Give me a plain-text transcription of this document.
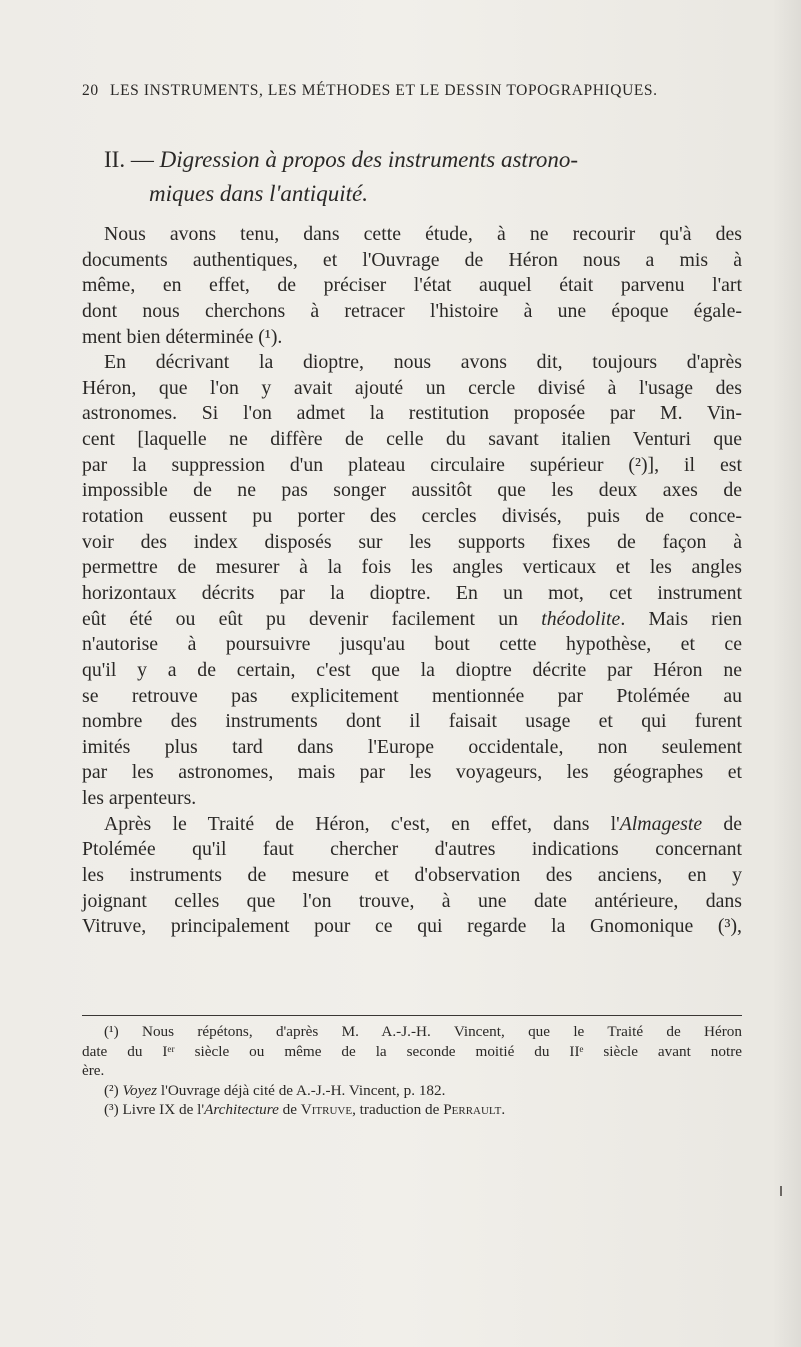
20 LES INSTRUMENTS, LES MÉTHODES ET LE DESSIN TOPOGRAPHIQUES.
II. — Digression à propos des instruments astrono-
miques dans l'antiquité.
Nous avons tenu, dans cette étude, à ne recourir qu'à des
documents authentiques, et l'Ouvrage de Héron nous a mis à
même, en effet, de préciser l'état auquel était parvenu l'art
dont nous cherchons à retracer l'histoire à une époque égale-
ment bien déterminée (¹).
En décrivant la dioptre, nous avons dit, toujours d'après
Héron, que l'on y avait ajouté un cercle divisé à l'usage des
astronomes. Si l'on admet la restitution proposée par M. Vin-
cent [laquelle ne diffère de celle du savant italien Venturi que
par la suppression d'un plateau circulaire supérieur (²)], il est
impossible de ne pas songer aussitôt que les deux axes de
rotation eussent pu porter des cercles divisés, puis de conce-
voir des index disposés sur les supports fixes de façon à
permettre de mesurer à la fois les angles verticaux et les angles
horizontaux décrits par la dioptre. En un mot, cet instrument
eût été ou eût pu devenir facilement un théodolite. Mais rien
n'autorise à poursuivre jusqu'au bout cette hypothèse, et ce
qu'il y a de certain, c'est que la dioptre décrite par Héron ne
se retrouve pas explicitement mentionnée par Ptolémée au
nombre des instruments dont il faisait usage et qui furent
imités plus tard dans l'Europe occidentale, non seulement
par les astronomes, mais par les voyageurs, les géographes et
les arpenteurs.
Après le Traité de Héron, c'est, en effet, dans l'Almageste de
Ptolémée qu'il faut chercher d'autres indications concernant
les instruments de mesure et d'observation des anciens, en y
joignant celles que l'on trouve, à une date antérieure, dans
Vitruve, principalement pour ce qui regarde la Gnomonique (³),
(¹) Nous répétons, d'après M. A.-J.-H. Vincent, que le Traité de Héron
date du Iᵉʳ siècle ou même de la seconde moitié du IIᵉ siècle avant notre
ère.
(²) Voyez l'Ouvrage déjà cité de A.-J.-H. Vincent, p. 182.
(³) Livre IX de l'Architecture de Vitruve, traduction de Perrault.
